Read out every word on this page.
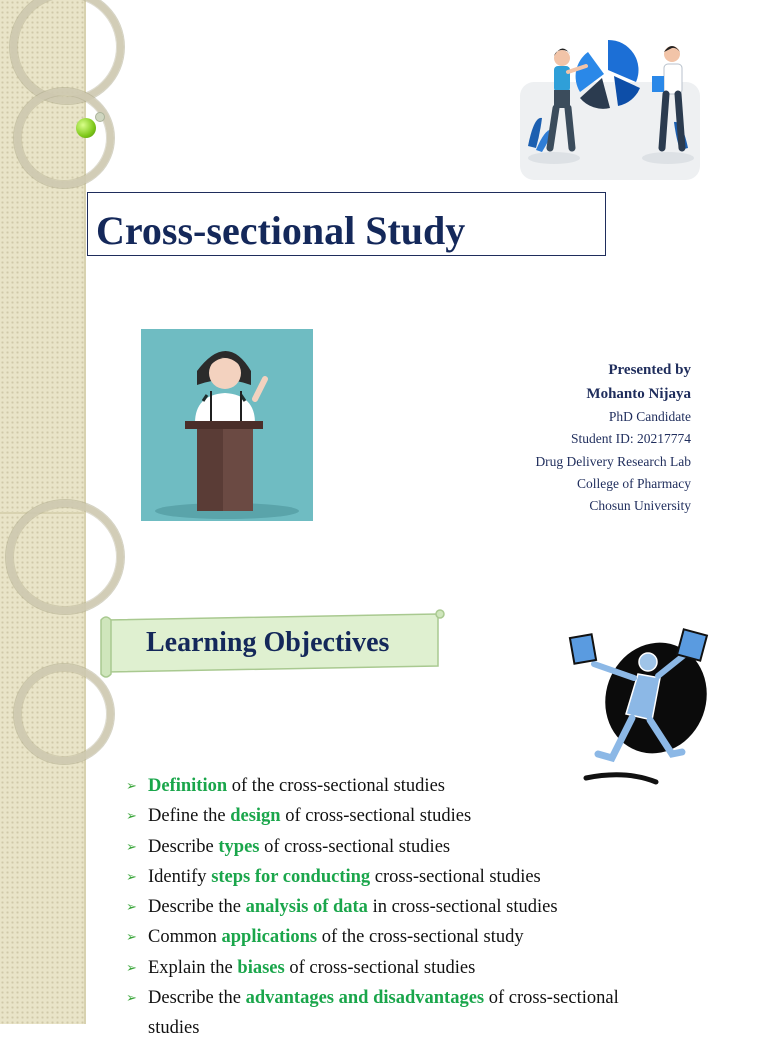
Cross-sectional Study
Presented by
Mohanto Nijaya
PhD Candidate
Student ID: 20217774
Drug Delivery Research Lab
College of Pharmacy
Chosun University
Learning Objectives
➢ Definition of the cross-sectional studies
➢ Define the design of cross-sectional studies
➢ Describe types of cross-sectional studies
➢ Identify steps for conducting cross-sectional studies
➢ Describe the analysis of data in cross-sectional studies
➢ Common applications of the cross-sectional study
➢ Explain the biases of cross-sectional studies
➢ Describe the advantages and disadvantages of cross-sectional
studies
